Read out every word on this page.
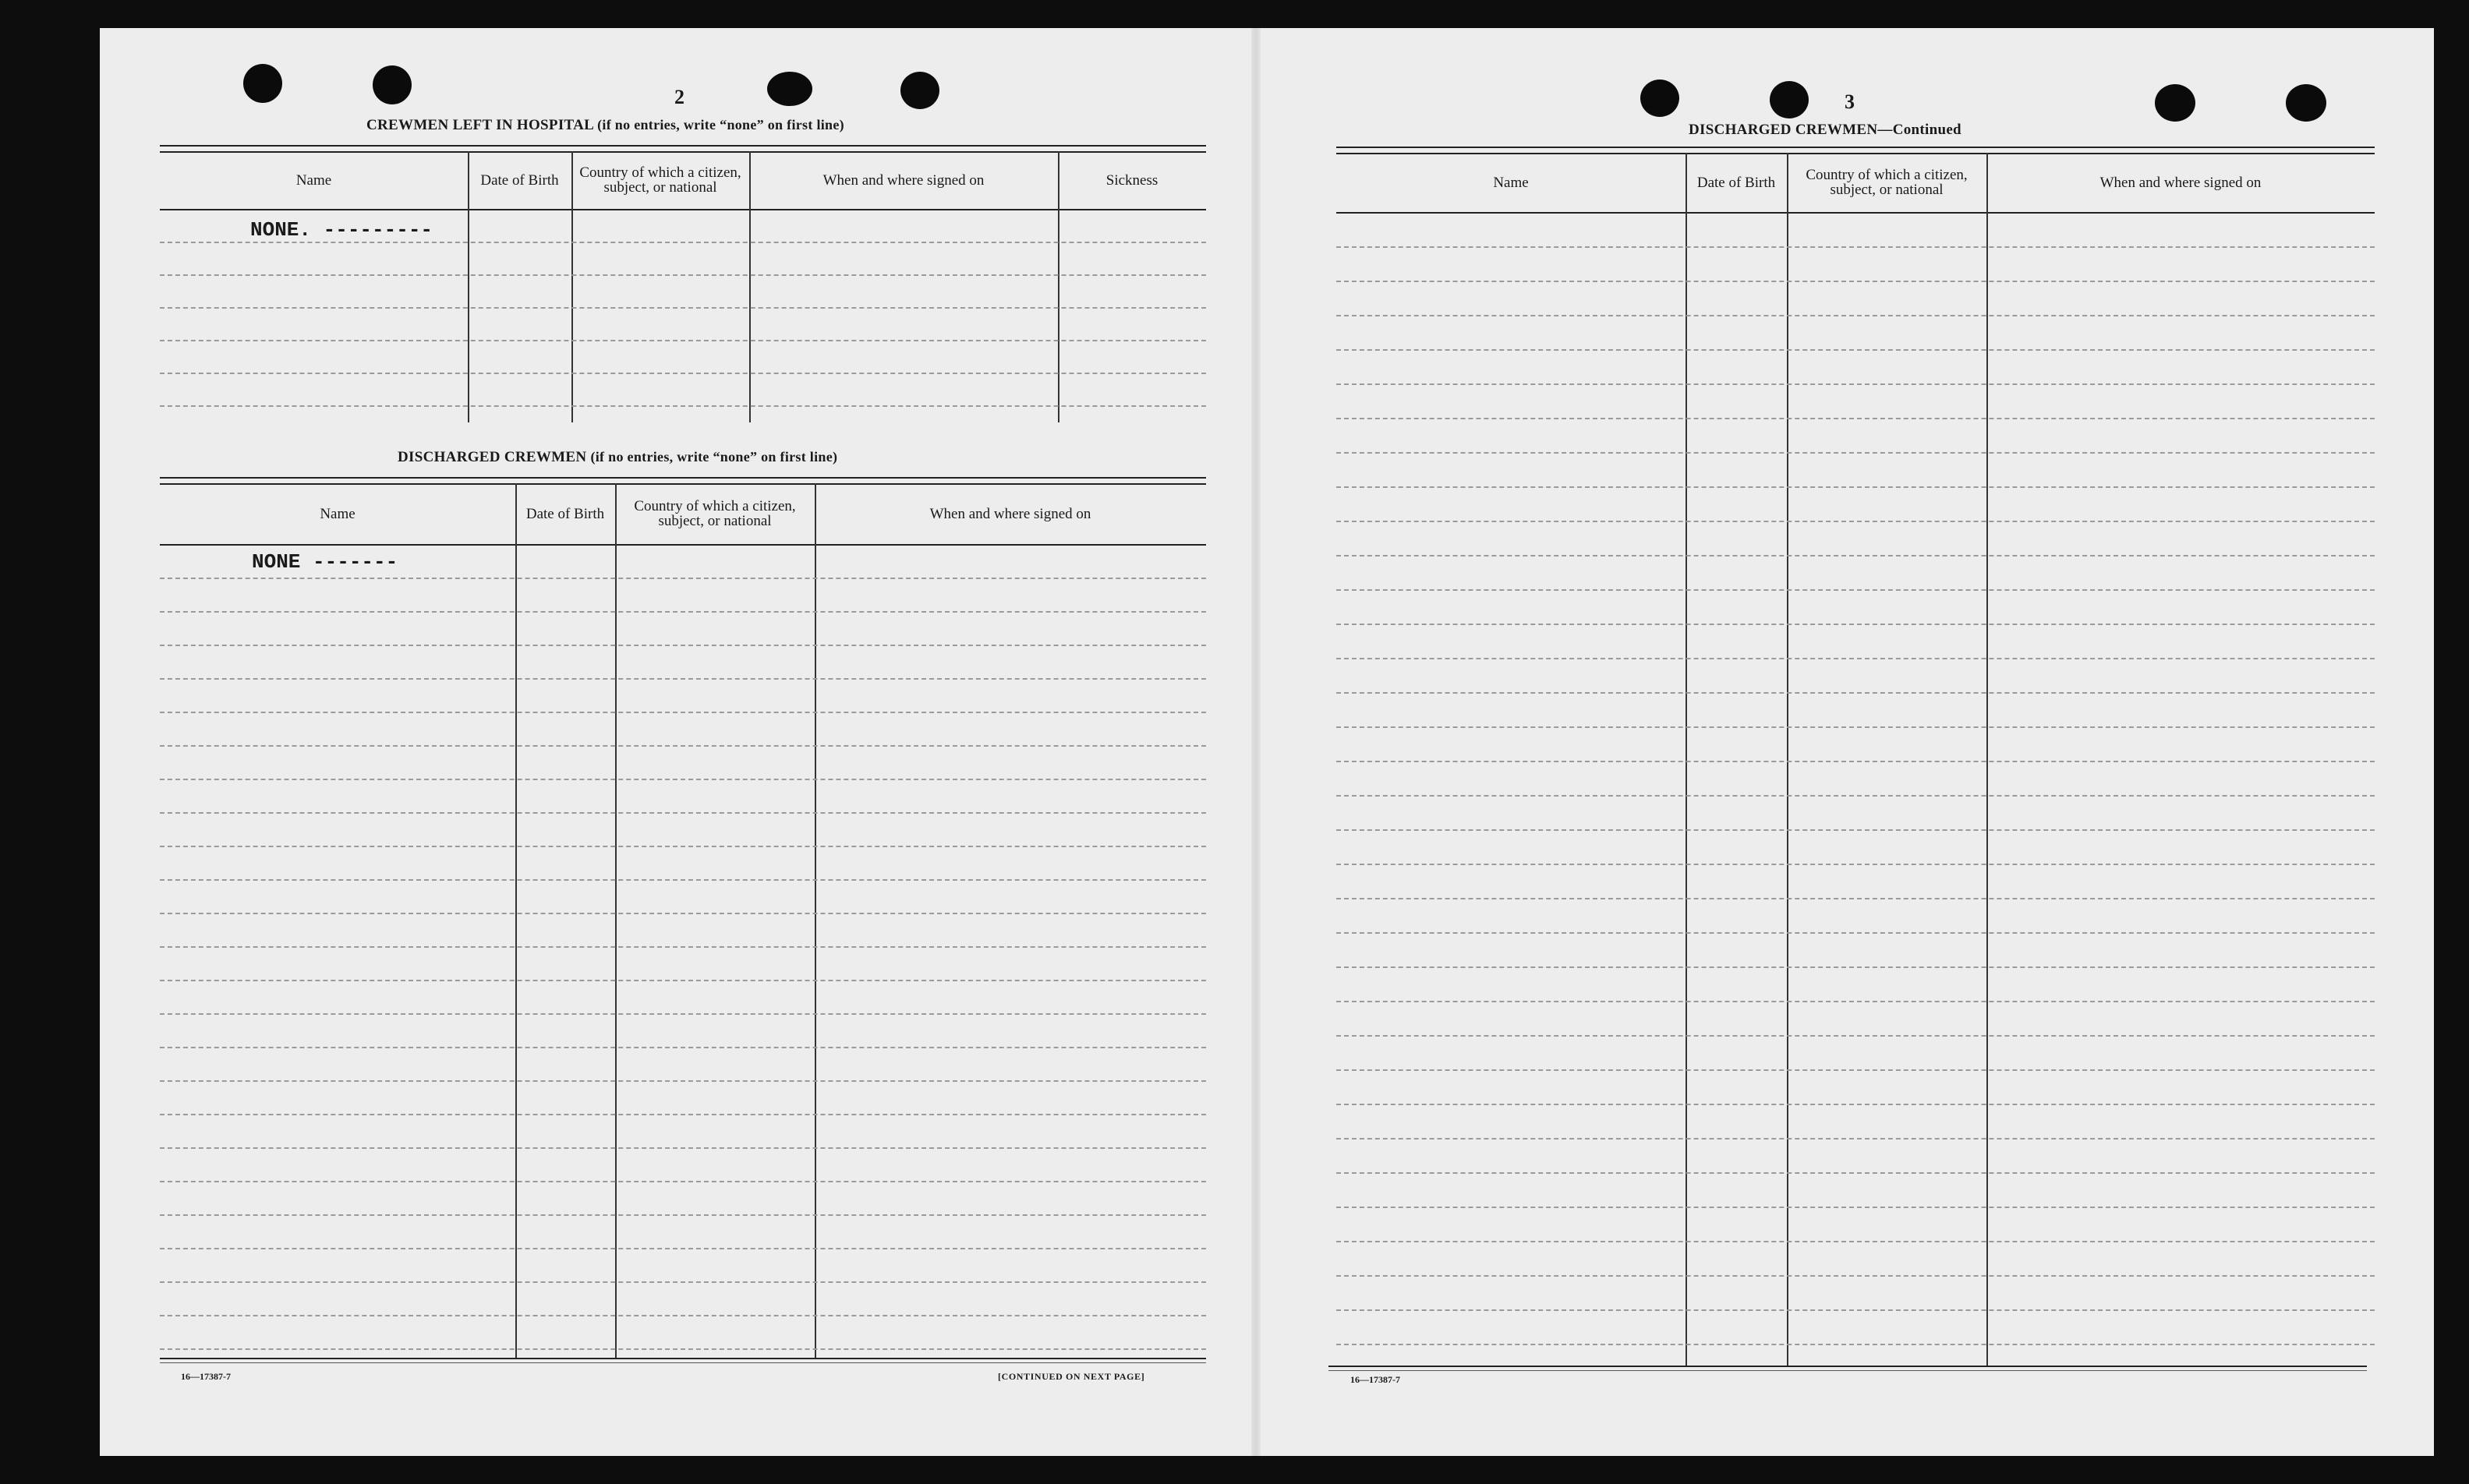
2
CREWMEN LEFT IN HOSPITAL (if no entries, write “none” on first line)
Name	Date of Birth	Country of which a citizen, subject, or national	When and where signed on	Sickness
NONE. ---------
DISCHARGED CREWMEN (if no entries, write “none” on first line)
Name	Date of Birth	Country of which a citizen, subject, or national	When and where signed on
NONE -------
16—17387-7	[CONTINUED ON NEXT PAGE]
3
DISCHARGED CREWMEN—Continued
Name	Date of Birth	Country of which a citizen, subject, or national	When and where signed on
16—17387-7
